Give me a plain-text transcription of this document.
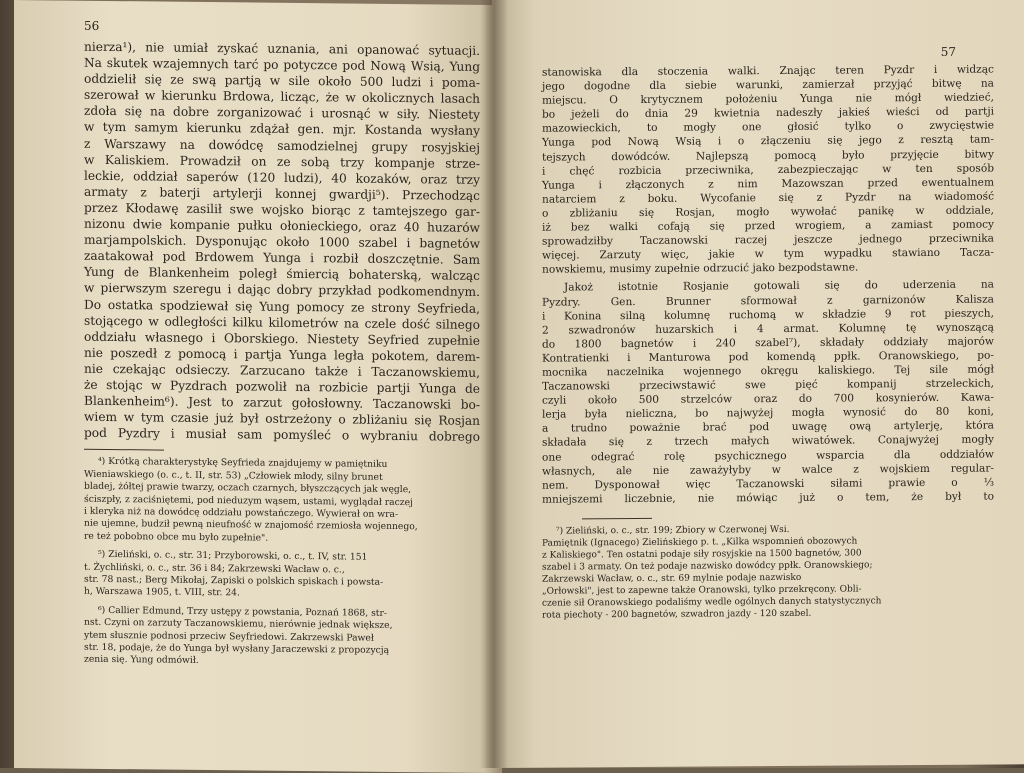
56
nierza¹), nie umiał zyskać uznania, ani opanować sytuacji.
Na skutek wzajemnych tarć po potyczce pod Nową Wsią, Yung
oddzielił się ze swą partją w sile około 500 ludzi i poma-
szerował w kierunku Brdowa, licząc, że w okolicznych lasach
zdoła się na dobre zorganizować i urosnąć w siły. Niestety
w tym samym kierunku zdążał gen. mjr. Kostanda wysłany
z Warszawy na dowódcę samodzielnej grupy rosyjskiej
w Kaliskiem. Prowadził on ze sobą trzy kompanje strze-
leckie, oddział saperów (120 ludzi), 40 kozaków, oraz trzy
armaty z baterji artylerji konnej gwardji⁵). Przechodząc
przez Kłodawę zasilił swe wojsko biorąc z tamtejszego gar-
nizonu dwie kompanie pułku ołonieckiego, oraz 40 huzarów
marjampolskich. Dysponując około 1000 szabel i bagnetów
zaatakował pod Brdowem Yunga i rozbił doszczętnie. Sam
Yung de Blankenheim poległ śmiercią bohaterską, walcząc
w pierwszym szeregu i dając dobry przykład podkomendnym.
Do ostatka spodziewał się Yung pomocy ze strony Seyfrieda,
stojącego w odległości kilku kilometrów na czele dość silnego
oddziału własnego i Oborskiego. Niestety Seyfried zupełnie
nie poszedł z pomocą i partja Yunga legła pokotem, darem-
nie czekając odsieczy. Zarzucano także i Taczanowskiemu,
że stojąc w Pyzdrach pozwolił na rozbicie partji Yunga de
Blankenheim⁶). Jest to zarzut gołosłowny. Taczanowski bo-
wiem w tym czasie już był ostrzeżony o zbliżaniu się Rosjan
pod Pyzdry i musiał sam pomyśleć o wybraniu dobrego
⁴) Krótką charakterystykę Seyfrieda znajdujemy w pamiętniku
Wieniawskiego (o. c., t. II, str. 53) „Człowiek młody, silny brunet
bladej, żółtej prawie twarzy, oczach czarnych, błyszczących jak węgle,
ściszpły, z zaciśniętemi, pod nieduzym wąsem, ustami, wyglądał raczej
i kleryka niż na dowódcę oddziału powstańczego. Wywierał on wra-
nie ujemne, budził pewną nieufność w znajomość rzemiosła wojennego,
re też pobobno obce mu było zupełnie".
⁵) Zieliński, o. c., str. 31; Przyborowski, o. c., t. IV, str. 151
t. Żychliński, o. c., str. 36 i 84; Zakrzewski Wacław o. c.,
str. 78 nast.; Berg Mikołaj, Zapiski o polskich spiskach i powsta-
h, Warszawa 1905, t. VIII, str. 24.
⁶) Callier Edmund, Trzy ustępy z powstania, Poznań 1868, str-
nst. Czyni on zarzuty Taczanowskiemu, nierównie jednak większe,
ytem słusznie podnosi przeciw Seyfriedowi. Zakrzewski Paweł
str. 18, podaje, że do Yunga był wysłany Jaraczewski z propozycją
zenia się. Yung odmówił.
57
stanowiska dla stoczenia walki. Znając teren Pyzdr i widząc
jego dogodne dla siebie warunki, zamierzał przyjąć bitwę na
miejscu. O krytycznem położeniu Yunga nie mógł wiedzieć,
bo jeżeli do dnia 29 kwietnia nadeszły jakieś wieści od partji
mazowieckich, to mogły one głosić tylko o zwycięstwie
Yunga pod Nową Wsią i o złączeniu się jego z resztą tam-
tejszych dowódców. Najlepszą pomocą było przyjęcie bitwy
i chęć rozbicia przeciwnika, zabezpieczając w ten sposób
Yunga i złączonych z nim Mazowszan przed ewentualnem
natarciem z boku. Wycofanie się z Pyzdr na wiadomość
o zbliżaniu się Rosjan, mogło wywołać panikę w oddziale,
iż bez walki cofają się przed wrogiem, a zamiast pomocy
sprowadziłby Taczanowski raczej jeszcze jednego przeciwnika
więcej. Zarzuty więc, jakie w tym wypadku stawiano Tacza-
nowskiemu, musimy zupełnie odrzucić jako bezpodstawne.
Jakoż istotnie Rosjanie gotowali się do uderzenia na
Pyzdry. Gen. Brunner sformował z garnizonów Kalisza
i Konina silną kolumnę ruchomą w składzie 9 rot pieszych,
2 szwadronów huzarskich i 4 armat. Kolumnę tę wynoszącą
do 1800 bagnetów i 240 szabel⁷), składały oddziały majorów
Kontratienki i Manturowa pod komendą ppłk. Oranowskiego, po-
mocnika naczelnika wojennego okręgu kaliskiego. Tej sile mógł
Taczanowski przeciwstawić swe pięć kompanij strzeleckich,
czyli około 500 strzelców oraz do 700 kosynierów. Kawa-
lerja była nieliczna, bo najwyżej mogła wynosić do 80 koni,
a trudno poważnie brać pod uwagę ową artylerję, która
składała się z trzech małych wiwatówek. Conajwyżej mogły
one odegrać rolę psychicznego wsparcia dla oddziałów
własnych, ale nie zaważyłyby w walce z wojskiem regular-
nem. Dysponował więc Taczanowski siłami prawie o ⅓
mniejszemi liczebnie, nie mówiąc już o tem, że był to
⁷) Zieliński, o. c., str. 199; Zbiory w Czerwonej Wsi.
Pamiętnik (Ignacego) Zielińskiego p. t. „Kilka wspomnień obozowych
z Kaliskiego". Ten ostatni podaje siły rosyjskie na 1500 bagnetów, 300
szabel i 3 armaty. On też podaje nazwisko dowódcy ppłk. Oranowskiego;
Zakrzewski Wacław, o. c., str. 69 mylnie podaje nazwisko
„Orłowski", jest to zapewne także Oranowski, tylko przekręcony. Obli-
czenie sił Oranowskiego podaliśmy wedle ogólnych danych statystycznych
rota piechoty - 200 bagnetów, szwadron jazdy - 120 szabel.
